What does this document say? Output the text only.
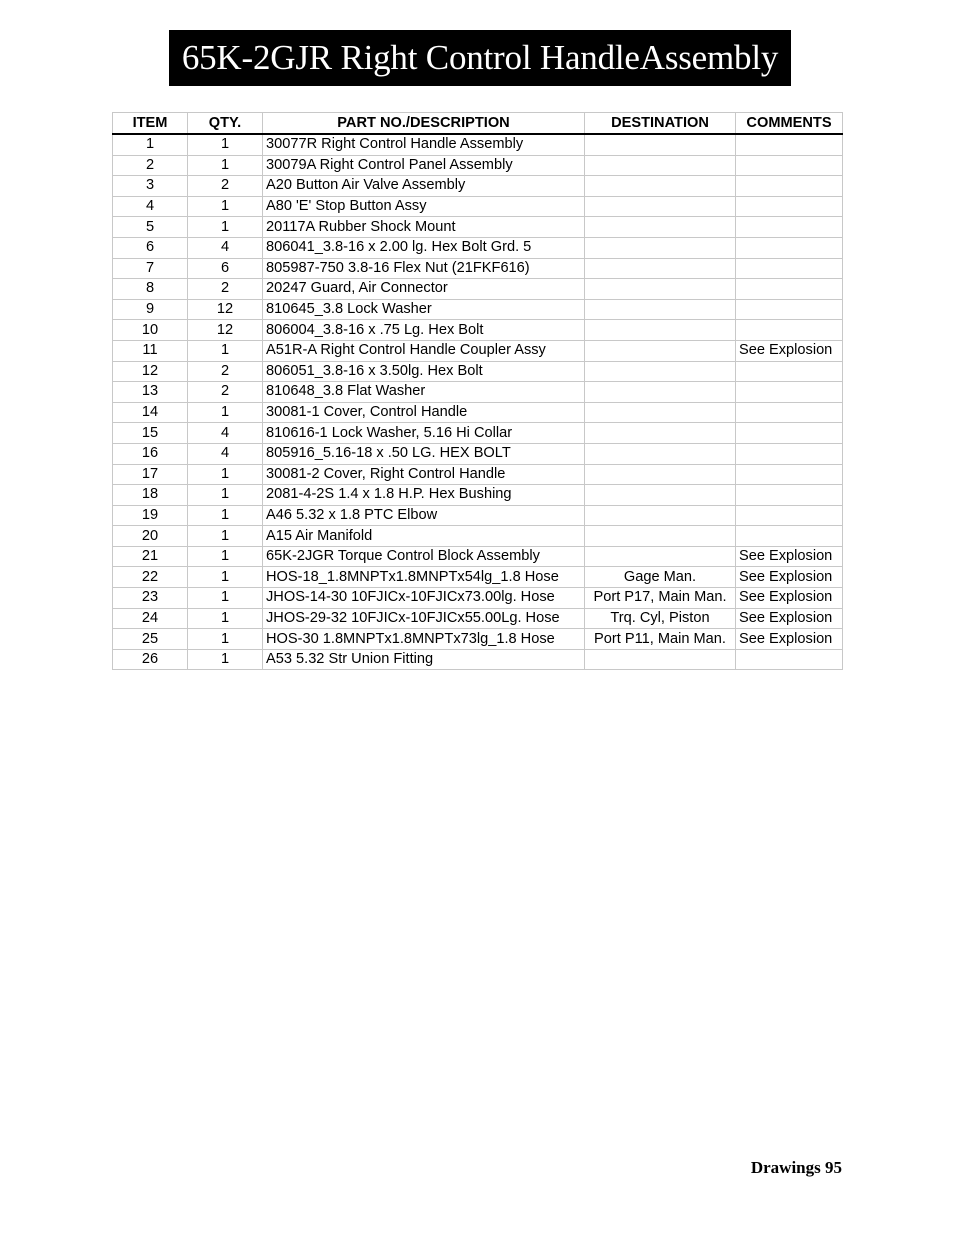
65K-2GJR Right Control HandleAssembly
ITEM	QTY.	PART NO./DESCRIPTION	DESTINATION	COMMENTS
1	1	30077R Right Control Handle Assembly		
2	1	30079A Right Control Panel Assembly		
3	2	A20 Button Air Valve Assembly		
4	1	A80 'E' Stop Button Assy		
5	1	20117A Rubber Shock Mount		
6	4	806041_3.8-16 x 2.00 lg. Hex Bolt Grd. 5		
7	6	805987-750 3.8-16 Flex Nut (21FKF616)		
8	2	20247 Guard, Air Connector		
9	12	810645_3.8 Lock Washer		
10	12	806004_3.8-16 x .75 Lg. Hex Bolt		
11	1	A51R-A Right Control Handle Coupler Assy		See Explosion
12	2	806051_3.8-16 x 3.50lg. Hex Bolt		
13	2	810648_3.8 Flat Washer		
14	1	30081-1 Cover, Control Handle		
15	4	810616-1 Lock Washer, 5.16 Hi Collar		
16	4	805916_5.16-18 x .50 LG. HEX BOLT		
17	1	30081-2 Cover, Right Control Handle		
18	1	2081-4-2S 1.4 x 1.8 H.P. Hex Bushing		
19	1	A46 5.32 x 1.8 PTC Elbow		
20	1	A15 Air Manifold		
21	1	65K-2JGR Torque Control Block Assembly		See Explosion
22	1	HOS-18_1.8MNPTx1.8MNPTx54lg_1.8 Hose	Gage Man.	See Explosion
23	1	JHOS-14-30 10FJICx-10FJICx73.00lg. Hose	Port P17, Main Man.	See Explosion
24	1	JHOS-29-32 10FJICx-10FJICx55.00Lg. Hose	Trq. Cyl, Piston	See Explosion
25	1	HOS-30 1.8MNPTx1.8MNPTx73lg_1.8 Hose	Port P11, Main Man.	See Explosion
26	1	A53 5.32 Str Union Fitting		
Drawings 95
